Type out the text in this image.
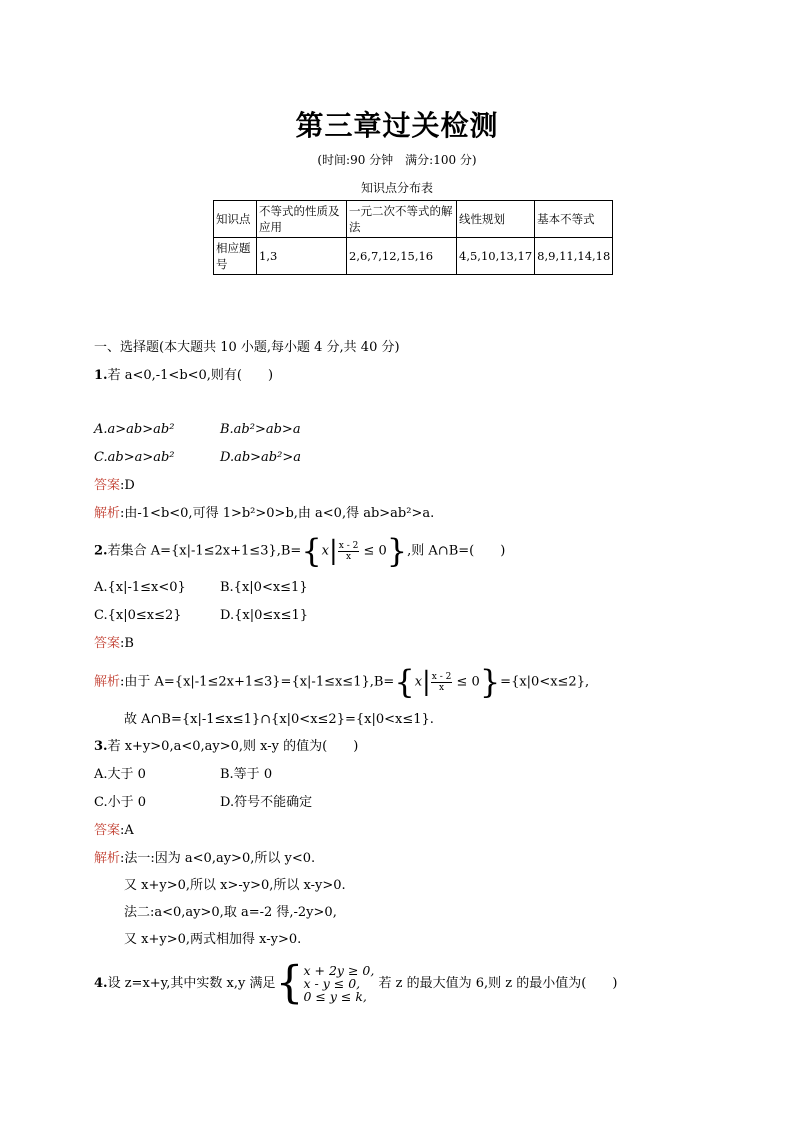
第三章过关检测
(时间:90 分钟　满分:100 分)
知识点分布表
知识点	不等式的性质及应用	一元二次不等式的解法	线性规划	基本不等式
相应题号	1,3	2,6,7,12,15,16	4,5,10,13,17	8,9,11,14,18
一、选择题(本大题共 10 小题,每小题 4 分,共 40 分)
1.若 a<0,-1<b<0,则有(　　)
A.a>ab>ab²	B.ab²>ab>a
C.ab>a>ab²	D.ab>ab²>a
答案:D
解析:由-1<b<0,可得 1>b²>0>b,由 a<0,得 ab>ab²>a.
2.若集合 $A=\{x|-1\le 2x+1\le 3\},B=\{x| \frac{x - 2}{x} \le 0\}$,则 A∩B=(　　)
A.{x|-1≤x<0}	B.{x|0<x≤1}
C.{x|0≤x≤2}	D.{x|0≤x≤1}
答案:B
解析:由于 $A=\{x|-1\le 2x+1\le 3\}=\{x|-1\le x\le 1\},B=\{x| \frac{x - 2}{x} \le 0\}=\{x|0<x\le 2\}$,
故 A∩B={x|-1≤x≤1}∩{x|0<x≤2}={x|0<x≤1}.
3.若 x+y>0,a<0,ay>0,则 x-y 的值为(　　)
A.大于 0	B.等于 0
C.小于 0	D.符号不能确定
答案:A
解析:法一:因为 a<0,ay>0,所以 y<0.
又 x+y>0,所以 x>-y>0,所以 x-y>0.
法二:a<0,ay>0,取 a=-2 得,-2y>0,
又 x+y>0,两式相加得 x-y>0.
4.设 z=x+y,其中实数 x,y 满足{ x + 2y ≥ 0,
x - y ≤ 0,
0 ≤ y ≤ k,
若 z 的最大值为 6,则 z 的最小值为(　　)
